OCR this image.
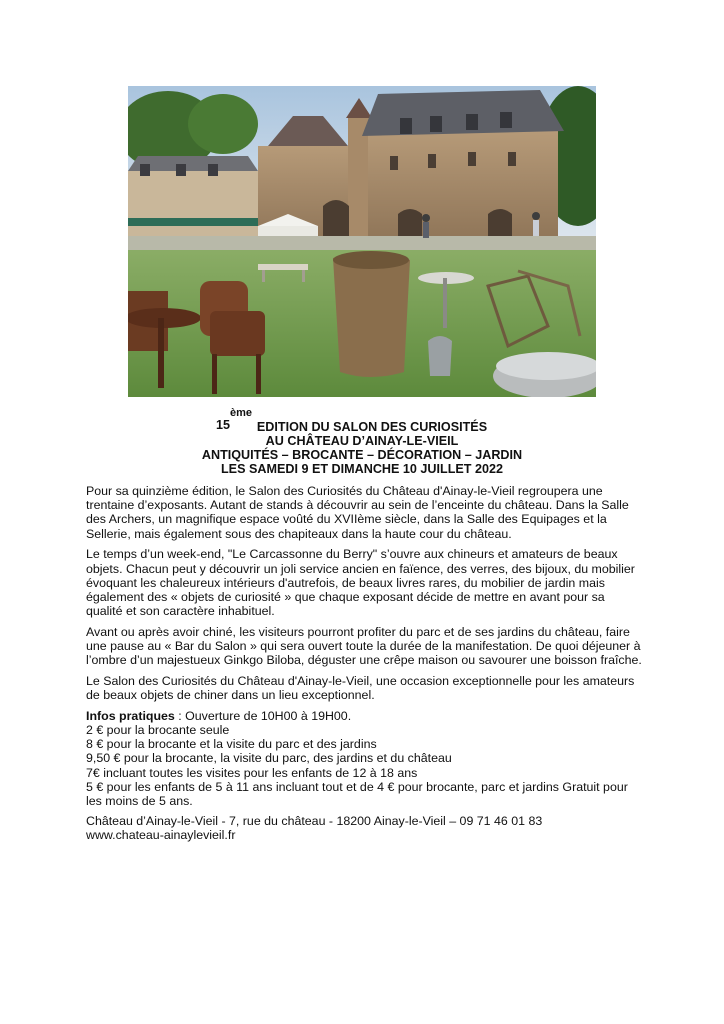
15
ème
EDITION DU SALON DES CURIOSITÉS
AU CHÂTEAU D’AINAY-LE-VIEIL
ANTIQUITÉS – BROCANTE – DÉCORATION – JARDIN
LES SAMEDI 9 ET DIMANCHE 10 JUILLET 2022

Pour sa quinzième édition, le Salon des Curiosités du Château d'Ainay-le-Vieil regroupera une trentaine d’exposants. Autant de stands à découvrir au sein de l’enceinte du château. Dans la Salle des Archers, un magnifique espace voûté du XVIIème siècle, dans la Salle des Equipages et la Sellerie, mais également sous des chapiteaux dans la haute cour du château.

Le temps d’un week-end, "Le Carcassonne du Berry" s’ouvre aux chineurs et amateurs de beaux objets. Chacun peut y découvrir un joli service ancien en faïence, des verres, des bijoux, du mobilier évoquant les chaleureux intérieurs d'autrefois, de beaux livres rares, du mobilier de jardin mais également des « objets de curiosité » que chaque exposant décide de mettre en avant pour sa qualité et son caractère inhabituel.

Avant ou après avoir chiné, les visiteurs pourront profiter du parc et de ses jardins du château, faire une pause au « Bar du Salon » qui sera ouvert toute la durée de la manifestation. De quoi déjeuner à l’ombre d’un majestueux Ginkgo Biloba, déguster une crêpe maison ou savourer une boisson fraîche.

Le Salon des Curiosités du Château d'Ainay-le-Vieil, une occasion exceptionnelle pour les amateurs de beaux objets de chiner dans un lieu exceptionnel.

Infos pratiques : Ouverture de 10H00 à 19H00.
2 € pour la brocante seule
8 € pour la brocante et la visite du parc et des jardins
9,50 € pour la brocante, la visite du parc, des jardins et du château
7€ incluant toutes les visites pour les enfants de 12 à 18 ans
5 € pour les enfants de 5 à 11 ans incluant tout et de 4 € pour brocante, parc et jardins Gratuit pour les moins de 5 ans.
Château d’Ainay-le-Vieil - 7, rue du château - 18200 Ainay-le-Vieil – 09 71 46 01 83
www.chateau-ainaylevieil.fr
